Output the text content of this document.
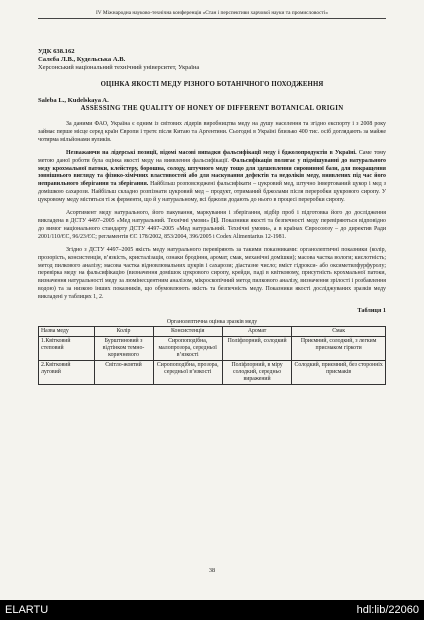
IV Міжнародна науково-технічна конференція «Стан і перспективи харчової науки та промисловості»
УДК 638.162
Салєба Л.В., Кудельська А.В.
Херсонський національний технічний університет, Україна
ОЦІНКА ЯКОСТІ МЕДУ РІЗНОГО БОТАНІЧНОГО ПОХОДЖЕННЯ
Saleba L., Kudelskaya A.
ASSESSING THE QUALITY OF HONEY OF DIFFERENT BOTANICAL ORIGIN

За даними ФАО, Україна є одним із світових лідерів виробництва меду на душу населення та згідно експорту і з 2008 року займає перше місце серед країн Європи і третє після Китаю та Аргентини. Сьогодні в Україні близько 400 тис. осіб доглядають за майже чотирма мільйонами вуликів.

Незважаючи на лідерські позиції, відомі масові випадки фальсифікації меду і бджолопродуктів в Україні. Саме тому метою даної роботи була оцінка якості меду на виявлення фальсифікації. Фальсифікація полягає у підмішуванні до натурального меду крохмальної патоки, клейстеру, борошна, солоду, штучного меду тощо для здешевлення сировинної бази, для покращення зовнішнього вигляду та фізико-хімічних властивостей або для маскування дефектів та недоліків меду, виявлених під час його неправильного зберігання та зберігання. Найбільш розповсюджені фальсифікати – цукровий мед, штучно інвертований цукор і мед з домішкою сахарози. Найбільш складно розпізнати цукровий мед – продукт, отриманий бджолами після переробки цукрового сиропу. У цукровому меду містяться ті ж ферменти, що й у натуральному, всі бджоли додають до нього в процесі переробки сиропу.

Асортимент меду натурального, його пакування, маркування і зберігання, відбір проб і підготовка його до дослідження викладена в ДСТУ 4497–2005 «Мед натуральний. Технічні умови» [1]. Показники якості та безпечності меду перевіряються відповідно до вимог національного стандарту ДСТУ 4497–2005 «Мед натуральний. Технічні умови», а в країнах Євросоюзу – до директив Ради 2001/110/ЄС, 96/23/ЄС; регламентів ЄС 178/2002, 853/2004, 396/2005 і Codex Alimentarius 12-1981.

Згідно з ДСТУ 4497–2005 якість меду натурального перевіряють за такими показниками: органолептичні показники (колір, прозорість, консистенція, в’язкість, кристалізація, ознаки бродіння, аромат, смак, механічні домішки); масова частка вологи; кислотність; метод пилкового аналізу; масова частка відновлювальних цукрів і сахарози; діастазне число; вміст гідрокси- або оксиметилфурфуролу; перевірка меду на фальсифікацію (визначення домішок цукрового сиропу, крейди, паді в квітковому, присутність крохмальної патоки, визначення натуральності меду за люмінесцентним аналізом, мікроскопічний метод пилкового аналізу, визначення зрілості і розбавлення водою) та за низкою інших показників, що обумовлюють якість та безпечність меду. Показники якості досліджуваних зразків меду викладені у таблицях 1, 2.

Таблиця 1
Органолептична оцінка зразків меду
Назва меду	Колір	Консистенція	Аромат	Смак
1.Квітковий степовий	Бурштиновий з відтінком темно-коричневого	Сиропоподібна, малопрозора, середньої в’язкості	Поліфлорний, солодкий	Приємний, солодкий, з легким присмаком гіркоти
2.Квітковий луговий	Світло-жовтий	Сиропоподібна, прозора, середньої в’язкості	Поліфлорний, в міру солодкий, середньо виражений	Солодкий, приємний, без сторонніх присмаків
38
ELARTU	hdl:lib/22060
